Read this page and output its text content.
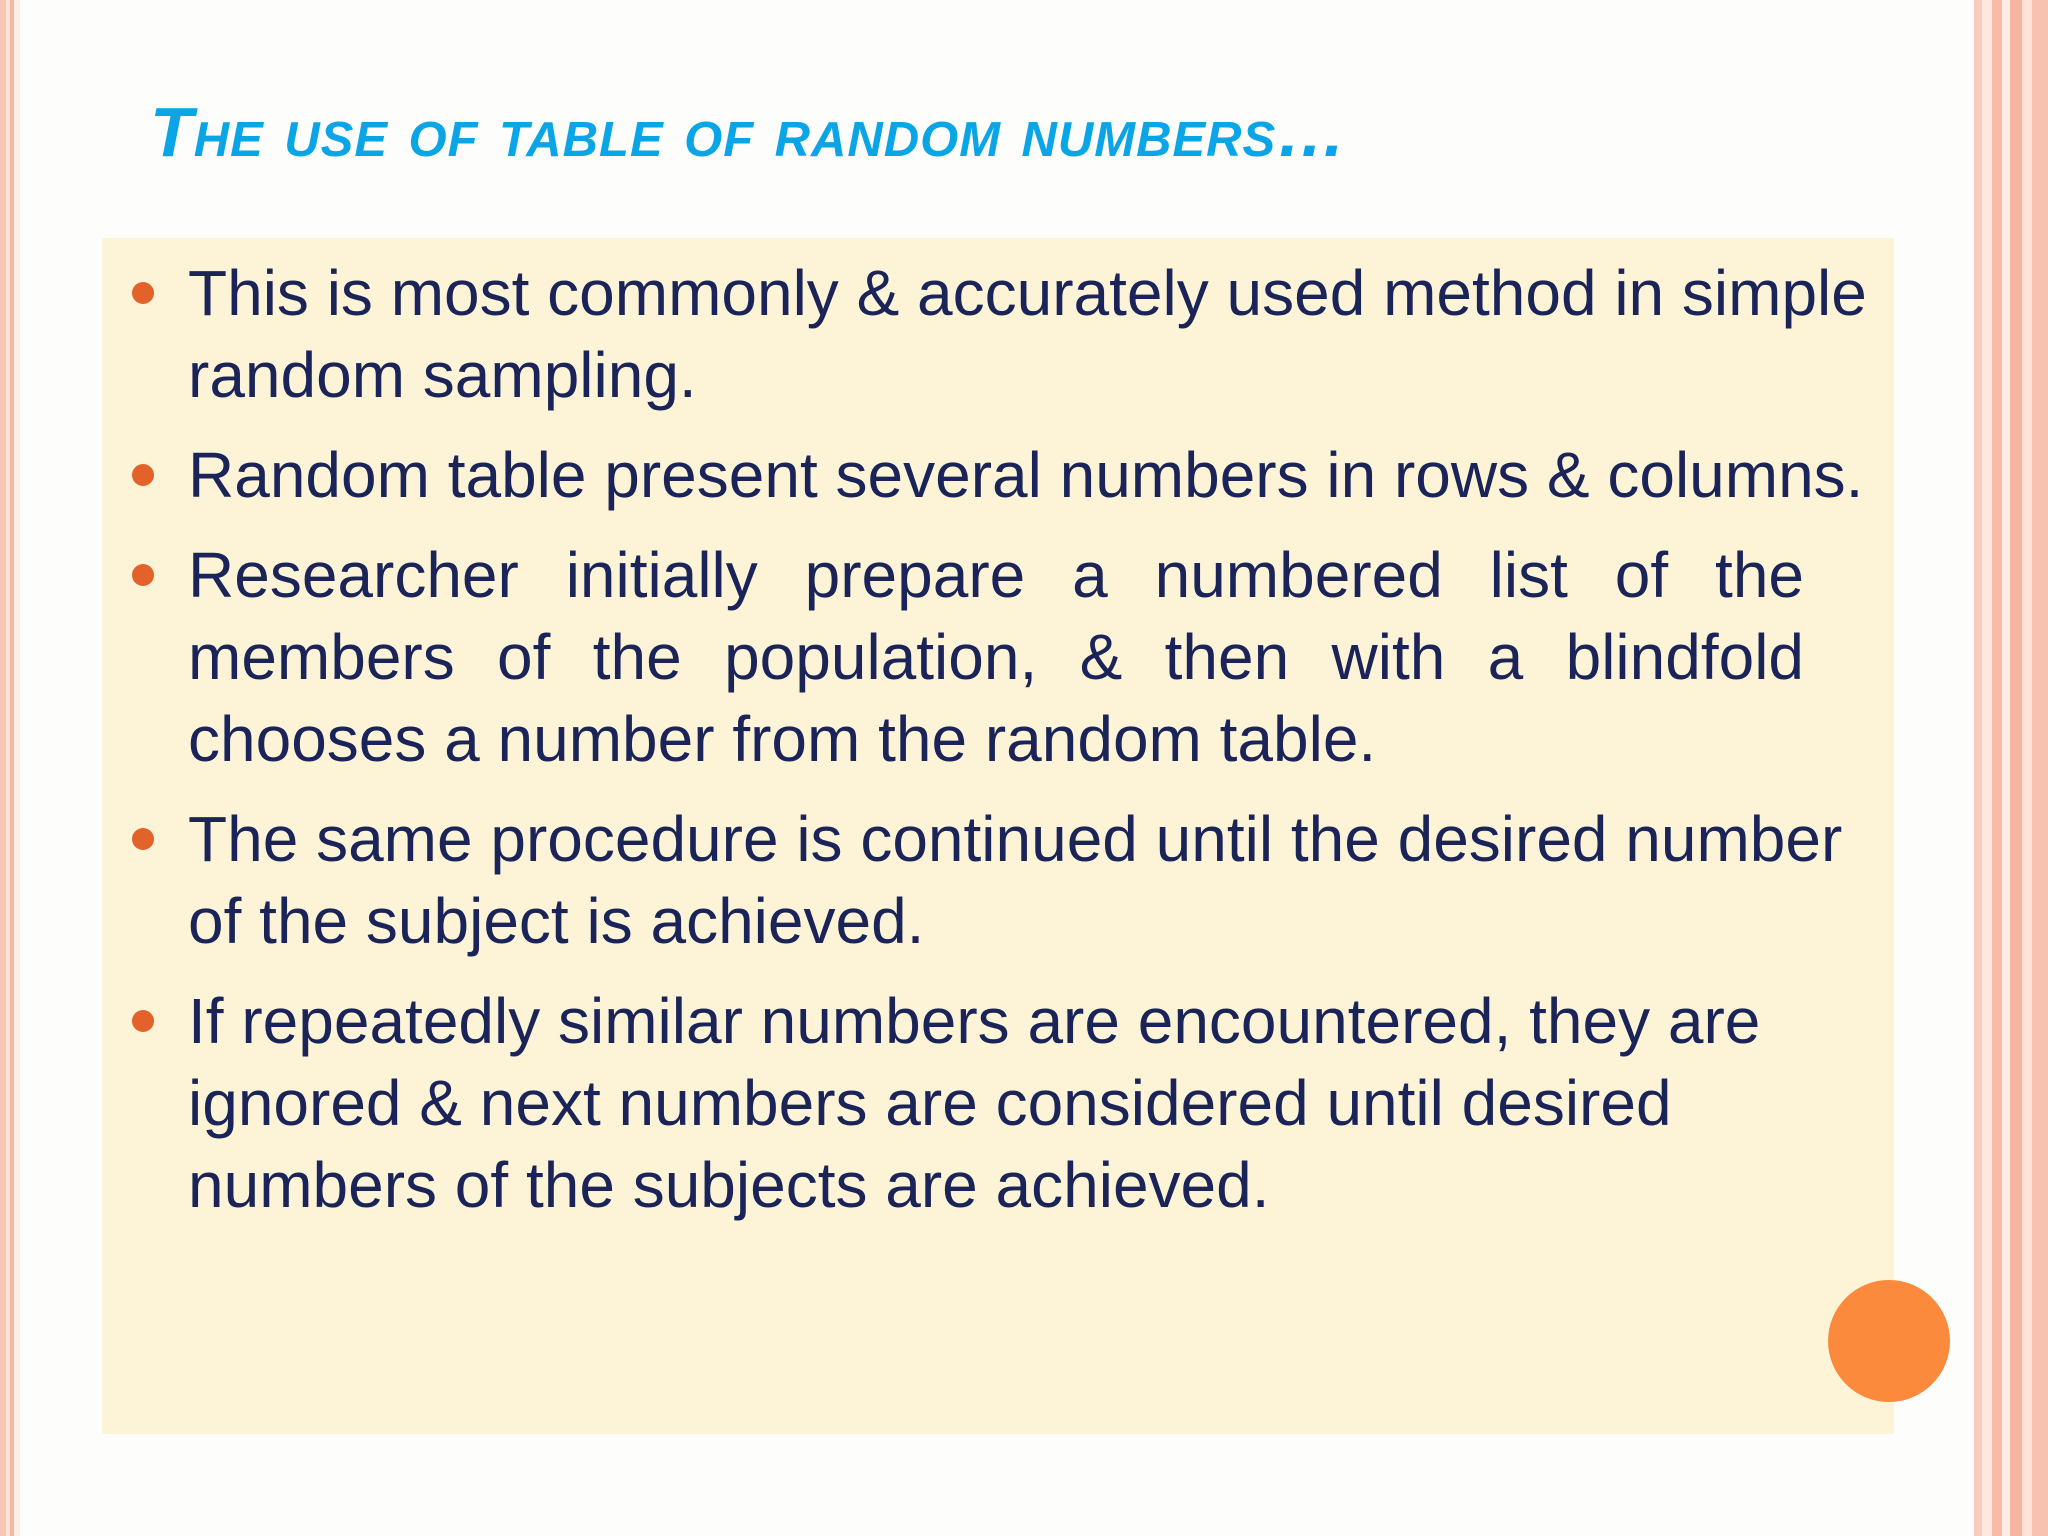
The use of table of random numbers…
This is most commonly & accurately used method in simple random sampling.
Random table present several numbers in rows & columns.
Researcher initially prepare a numbered list of the members of the population, & then with a blindfold chooses a number from the random table.
The same procedure is continued until the desired number of the subject is achieved.
If repeatedly similar numbers are encountered, they are ignored & next numbers are considered until desired numbers of the subjects are achieved.
